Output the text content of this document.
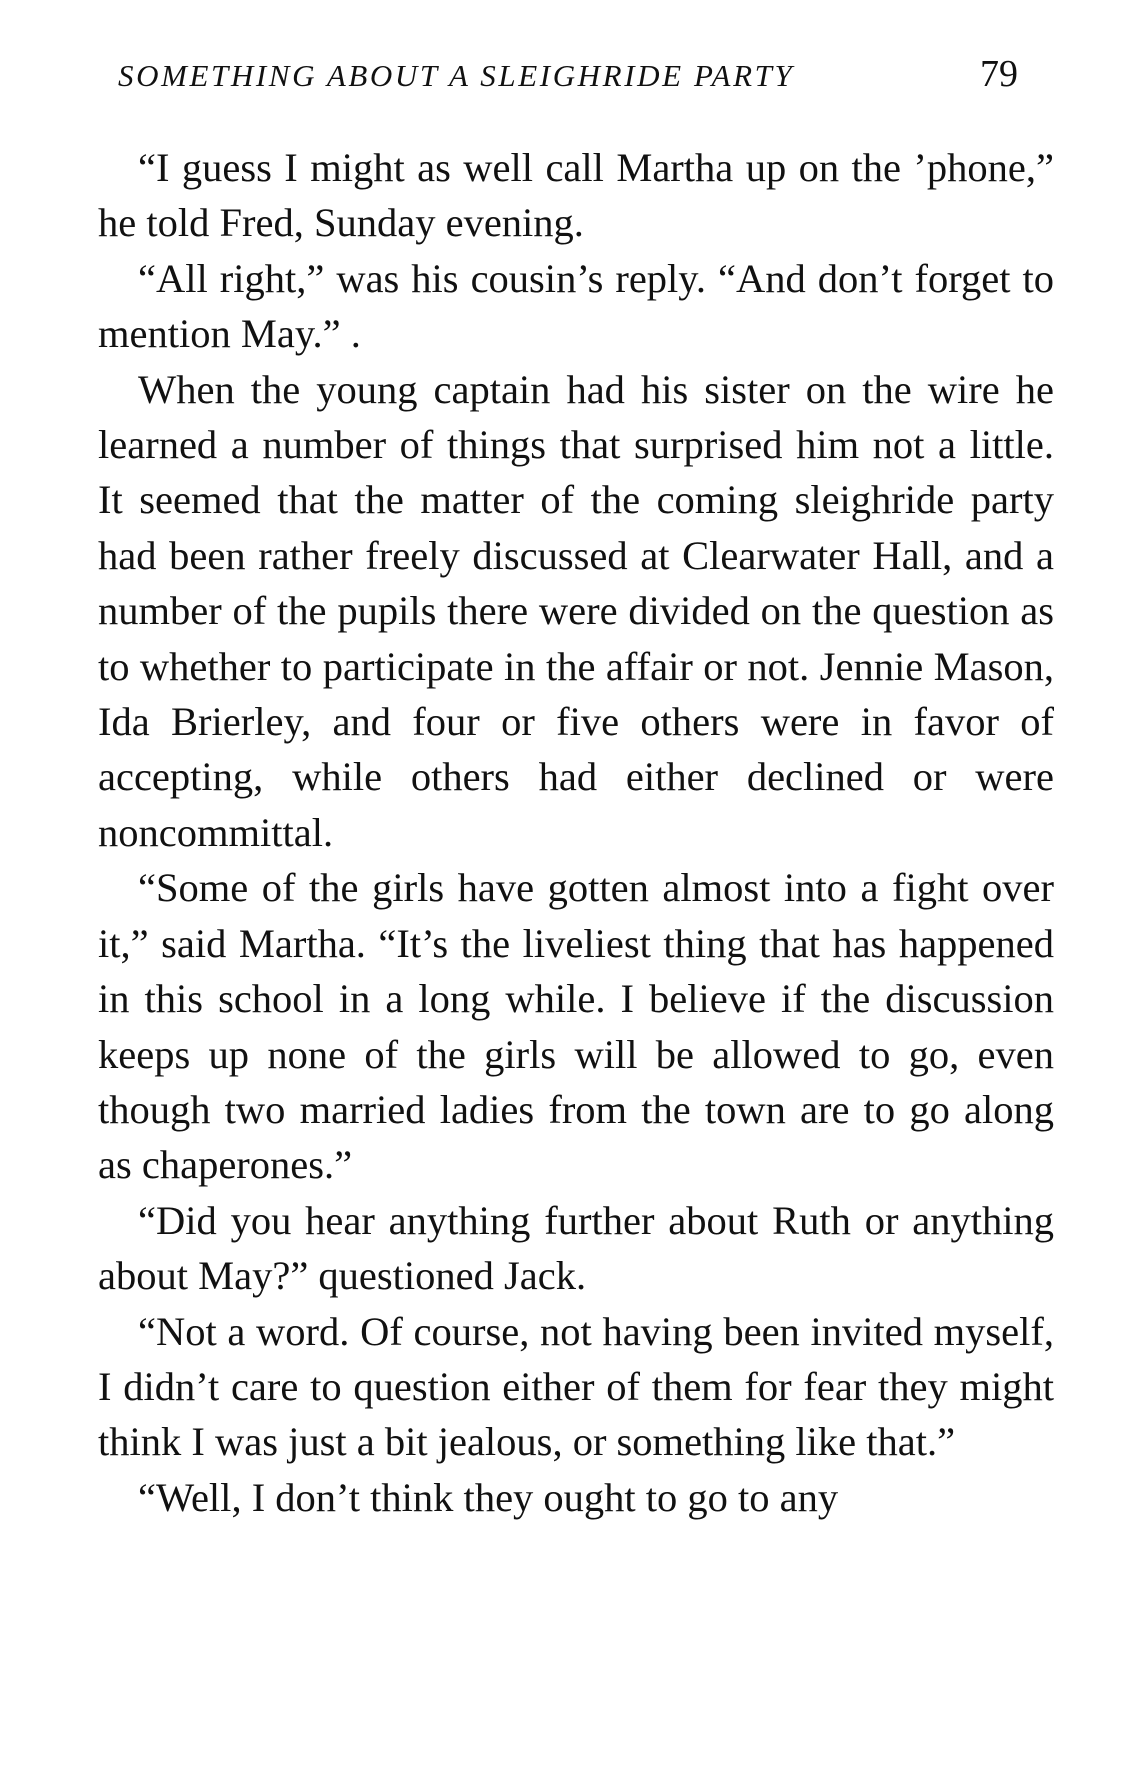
SOMETHING ABOUT A SLEIGHRIDE PARTY	79

“I guess I might as well call Martha up on the ’phone,” he told Fred, Sunday evening.

“All right,” was his cousin’s reply. “And don’t forget to mention May.” .

When the young captain had his sister on the wire he learned a number of things that surprised him not a little. It seemed that the matter of the coming sleighride party had been rather freely discussed at Clearwater Hall, and a number of the pupils there were divided on the question as to whether to participate in the affair or not. Jennie Mason, Ida Brierley, and four or five others were in favor of accepting, while others had either declined or were noncommittal.

“Some of the girls have gotten almost into a fight over it,” said Martha. “It’s the liveliest thing that has happened in this school in a long while. I believe if the discussion keeps up none of the girls will be allowed to go, even though two married ladies from the town are to go along as chaperones.”

“Did you hear anything further about Ruth or anything about May?” questioned Jack.

“Not a word. Of course, not having been invited myself, I didn’t care to question either of them for fear they might think I was just a bit jealous, or something like that.”

“Well, I don’t think they ought to go to any
